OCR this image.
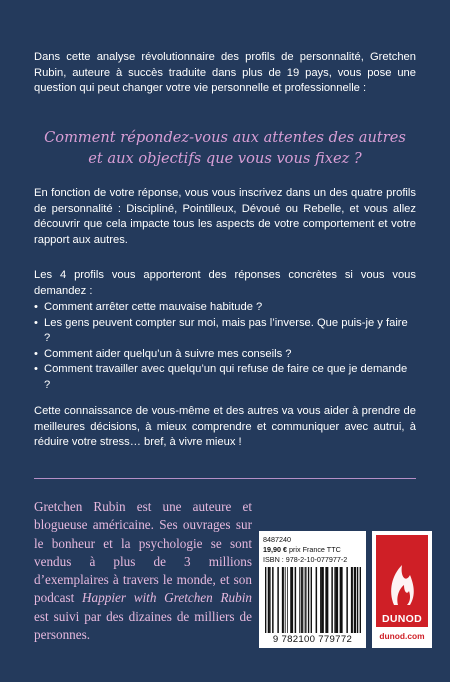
Dans cette analyse révolutionnaire des profils de personnalité, Gretchen Rubin, auteure à succès traduite dans plus de 19 pays, vous pose une question qui peut changer votre vie personnelle et professionnelle :

Comment répondez-vous aux attentes des autres
et aux objectifs que vous vous fixez ?

En fonction de votre réponse, vous vous inscrivez dans un des quatre profils de personnalité : Discipliné, Pointilleux, Dévoué ou Rebelle, et vous allez découvrir que cela impacte tous les aspects de votre comportement et votre rapport aux autres.

Les 4 profils vous apporteront des réponses concrètes si vous vous demandez :

• Comment arrêter cette mauvaise habitude ?
• Les gens peuvent compter sur moi, mais pas l’inverse. Que puis-je y faire ?
• Comment aider quelqu’un à suivre mes conseils ?
• Comment travailler avec quelqu’un qui refuse de faire ce que je demande ?

Cette connaissance de vous-même et des autres va vous aider à prendre de meilleures décisions, à mieux comprendre et communiquer avec autrui, à réduire votre stress… bref, à vivre mieux !

Gretchen Rubin est une auteure et blogueuse américaine. Ses ouvrages sur le bonheur et la psychologie se sont vendus à plus de 3 millions d’exemplaires à travers le monde, et son podcast Happier with Gretchen Rubin est suivi par des dizaines de milliers de personnes.

8487240
19,90 € prix France TTC
ISBN : 978-2-10-077977-2
9 782100 779772
DUNOD
dunod.com
